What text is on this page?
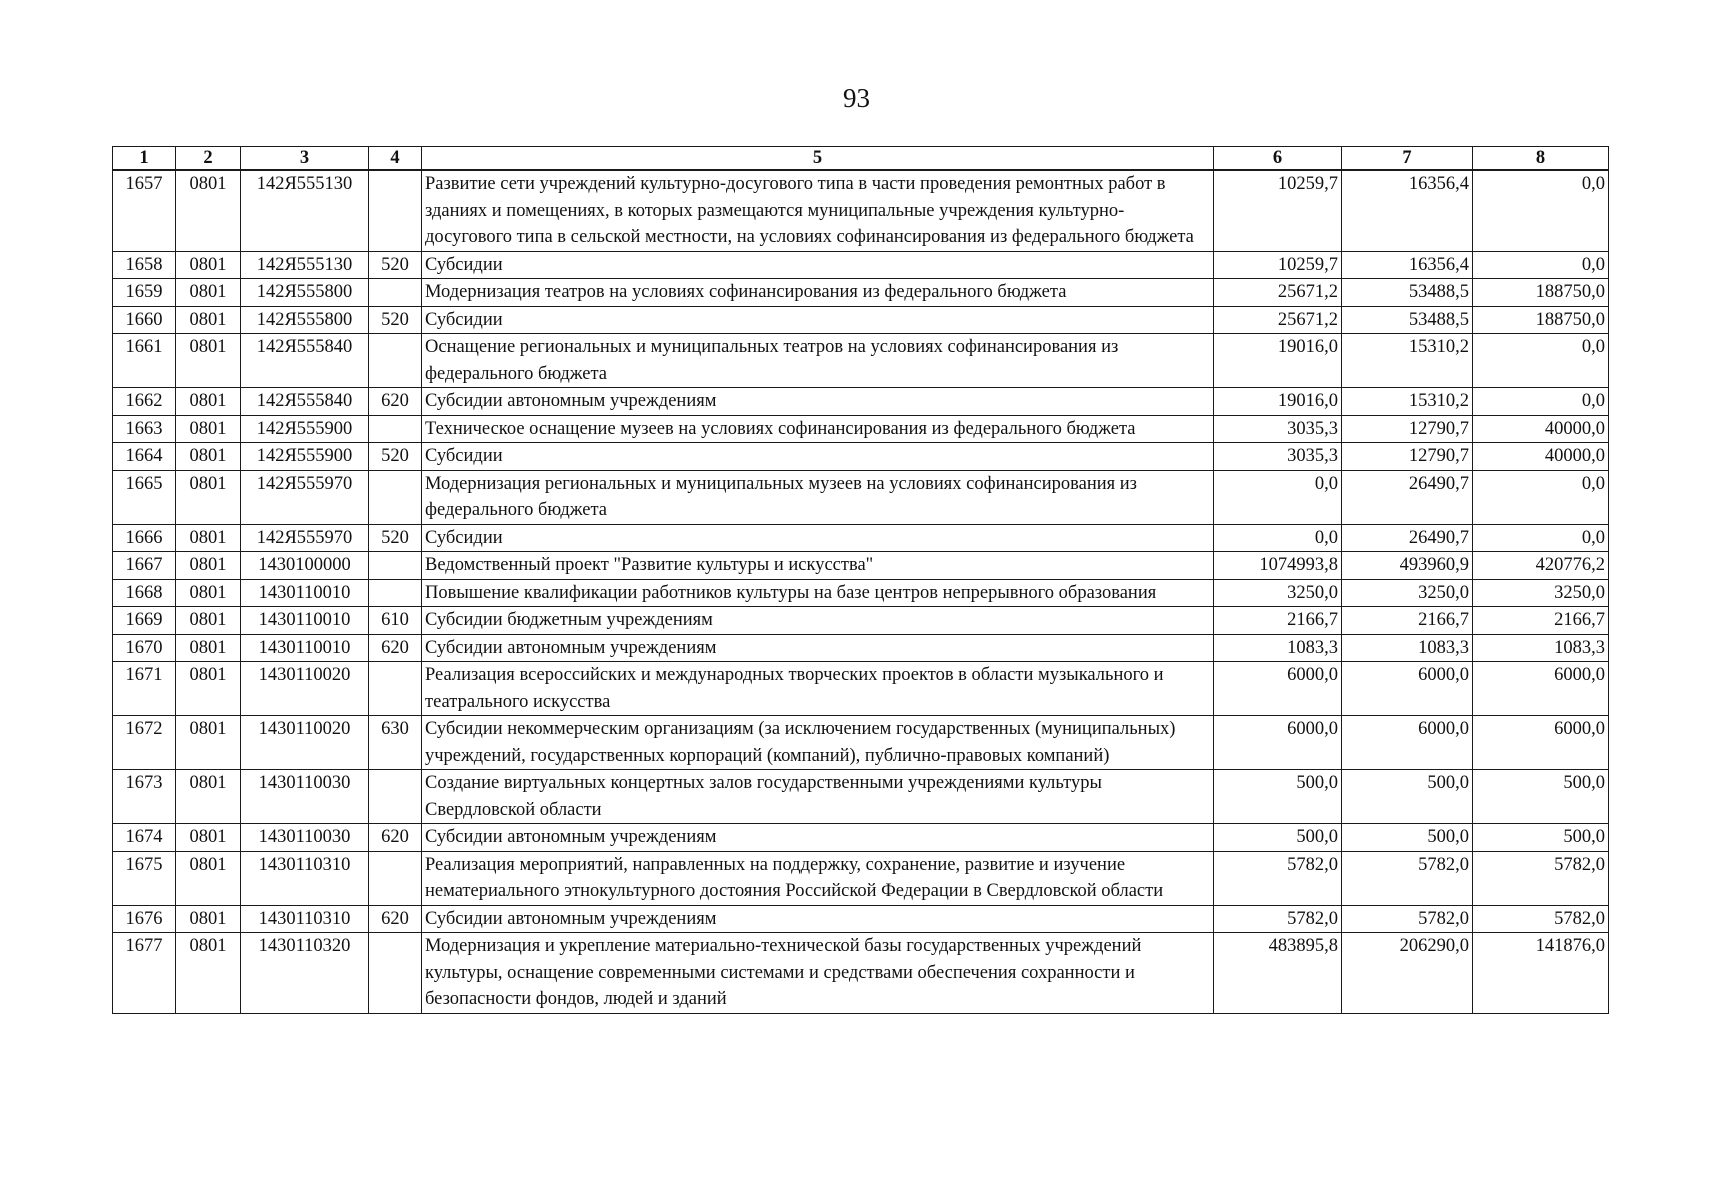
93
1	2	3	4	5	6	7	8
1657	0801	142Я555130		Развитие сети учреждений культурно-досугового типа в части проведения ремонтных работ в зданиях и помещениях, в которых размещаются муниципальные учреждения культурно-досугового типа в сельской местности, на условиях софинансирования из федерального бюджета	10259,7	16356,4	0,0
1658	0801	142Я555130	520	Субсидии	10259,7	16356,4	0,0
1659	0801	142Я555800		Модернизация театров на условиях софинансирования из федерального бюджета	25671,2	53488,5	188750,0
1660	0801	142Я555800	520	Субсидии	25671,2	53488,5	188750,0
1661	0801	142Я555840		Оснащение региональных и муниципальных театров на условиях софинансирования из федерального бюджета	19016,0	15310,2	0,0
1662	0801	142Я555840	620	Субсидии автономным учреждениям	19016,0	15310,2	0,0
1663	0801	142Я555900		Техническое оснащение музеев на условиях софинансирования из федерального бюджета	3035,3	12790,7	40000,0
1664	0801	142Я555900	520	Субсидии	3035,3	12790,7	40000,0
1665	0801	142Я555970		Модернизация региональных и муниципальных музеев на условиях софинансирования из федерального бюджета	0,0	26490,7	0,0
1666	0801	142Я555970	520	Субсидии	0,0	26490,7	0,0
1667	0801	1430100000		Ведомственный проект "Развитие культуры и искусства"	1074993,8	493960,9	420776,2
1668	0801	1430110010		Повышение квалификации работников культуры на базе центров непрерывного образования	3250,0	3250,0	3250,0
1669	0801	1430110010	610	Субсидии бюджетным учреждениям	2166,7	2166,7	2166,7
1670	0801	1430110010	620	Субсидии автономным учреждениям	1083,3	1083,3	1083,3
1671	0801	1430110020		Реализация всероссийских и международных творческих проектов в области музыкального и театрального искусства	6000,0	6000,0	6000,0
1672	0801	1430110020	630	Субсидии некоммерческим организациям (за исключением государственных (муниципальных) учреждений, государственных корпораций (компаний), публично-правовых компаний)	6000,0	6000,0	6000,0
1673	0801	1430110030		Создание виртуальных концертных залов государственными учреждениями культуры Свердловской области	500,0	500,0	500,0
1674	0801	1430110030	620	Субсидии автономным учреждениям	500,0	500,0	500,0
1675	0801	1430110310		Реализация мероприятий, направленных на поддержку, сохранение, развитие и изучение нематериального этнокультурного достояния Российской Федерации в Свердловской области	5782,0	5782,0	5782,0
1676	0801	1430110310	620	Субсидии автономным учреждениям	5782,0	5782,0	5782,0
1677	0801	1430110320		Модернизация и укрепление материально-технической базы государственных учреждений культуры, оснащение современными системами и средствами обеспечения сохранности и безопасности фондов, людей и зданий	483895,8	206290,0	141876,0
